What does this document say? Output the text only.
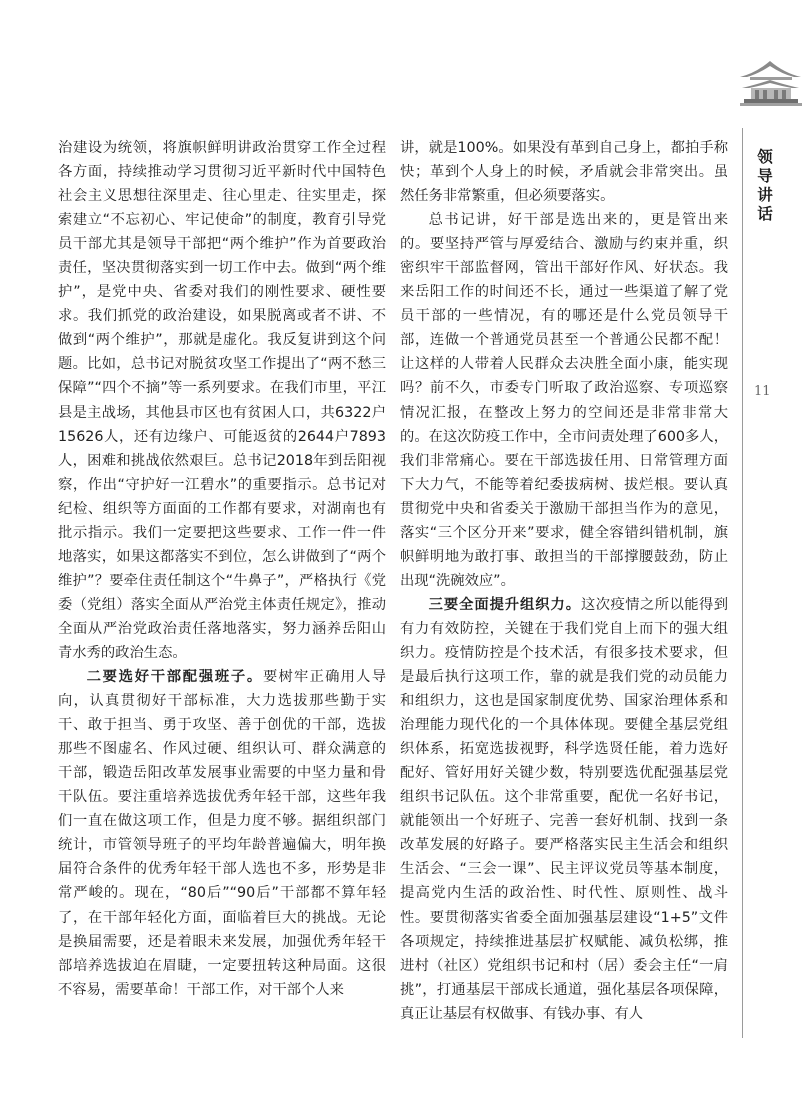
治建设为统领，将旗帜鲜明讲政治贯穿工作全过程各方面，持续推动学习贯彻习近平新时代中国特色社会主义思想往深里走、往心里走、往实里走，探索建立“不忘初心、牢记使命”的制度，教育引导党员干部尤其是领导干部把“两个维护”作为首要政治责任，坚决贯彻落实到一切工作中去。做到“两个维护”，是党中央、省委对我们的刚性要求、硬性要求。我们抓党的政治建设，如果脱离或者不讲、不做到“两个维护”，那就是虚化。我反复讲到这个问题。比如，总书记对脱贫攻坚工作提出了“两不愁三保障”“四个不摘”等一系列要求。在我们市里，平江县是主战场，其他县市区也有贫困人口，共6322户15626人，还有边缘户、可能返贫的2644户7893人，困难和挑战依然艰巨。总书记2018年到岳阳视察，作出“守护好一江碧水”的重要指示。总书记对纪检、组织等方面面的工作都有要求，对湖南也有批示指示。我们一定要把这些要求、工作一件一件地落实，如果这都落实不到位，怎么讲做到了“两个维护”？要牵住责任制这个“牛鼻子”，严格执行《党委（党组）落实全面从严治党主体责任规定》，推动全面从严治党政治责任落地落实，努力涵养岳阳山青水秀的政治生态。

二要选好干部配强班子。要树牢正确用人导向，认真贯彻好干部标准，大力选拔那些勤于实干、敢于担当、勇于攻坚、善于创优的干部，选拔那些不图虚名、作风过硬、组织认可、群众满意的干部，锻造岳阳改革发展事业需要的中坚力量和骨干队伍。要注重培养选拔优秀年轻干部，这些年我们一直在做这项工作，但是力度不够。据组织部门统计，市管领导班子的平均年龄普遍偏大，明年换届符合条件的优秀年轻干部人选也不多，形势是非常严峻的。现在，“80后”“90后”干部都不算年轻了，在干部年轻化方面，面临着巨大的挑战。无论是换届需要，还是着眼未来发展，加强优秀年轻干部培养选拔迫在眉睫，一定要扭转这种局面。这很不容易，需要革命！干部工作，对干部个人来

讲，就是100%。如果没有革到自己身上，都拍手称快；革到个人身上的时候，矛盾就会非常突出。虽然任务非常繁重，但必须要落实。

总书记讲，好干部是选出来的，更是管出来的。要坚持严管与厚爱结合、激励与约束并重，织密织牢干部监督网，管出干部好作风、好状态。我来岳阳工作的时间还不长，通过一些渠道了解了党员干部的一些情况，有的哪还是什么党员领导干部，连做一个普通党员甚至一个普通公民都不配！让这样的人带着人民群众去决胜全面小康，能实现吗？前不久，市委专门听取了政治巡察、专项巡察情况汇报，在整改上努力的空间还是非常非常大的。在这次防疫工作中，全市问责处理了600多人，我们非常痛心。要在干部选拔任用、日常管理方面下大力气，不能等着纪委拔病树、拔烂根。要认真贯彻党中央和省委关于激励干部担当作为的意见，落实“三个区分开来”要求，健全容错纠错机制，旗帜鲜明地为敢打事、敢担当的干部撑腰鼓劲，防止出现“洗碗效应”。

三要全面提升组织力。这次疫情之所以能得到有力有效防控，关键在于我们党自上而下的强大组织力。疫情防控是个技术活，有很多技术要求，但是最后执行这项工作，靠的就是我们党的动员能力和组织力，这也是国家制度优势、国家治理体系和治理能力现代化的一个具体体现。要健全基层党组织体系，拓宽选拔视野，科学选贤任能，着力选好配好、管好用好关键少数，特别要选优配强基层党组织书记队伍。这个非常重要，配优一名好书记，就能领出一个好班子、完善一套好机制、找到一条改革发展的好路子。要严格落实民主生活会和组织生活会、“三会一课”、民主评议党员等基本制度，提高党内生活的政治性、时代性、原则性、战斗性。要贯彻落实省委全面加强基层建设“1+5”文件各项规定，持续推进基层扩权赋能、减负松绑，推进村（社区）党组织书记和村（居）委会主任“一肩挑”，打通基层干部成长通道，强化基层各项保障，真正让基层有权做事、有钱办事、有人

领
导
讲
话
11
